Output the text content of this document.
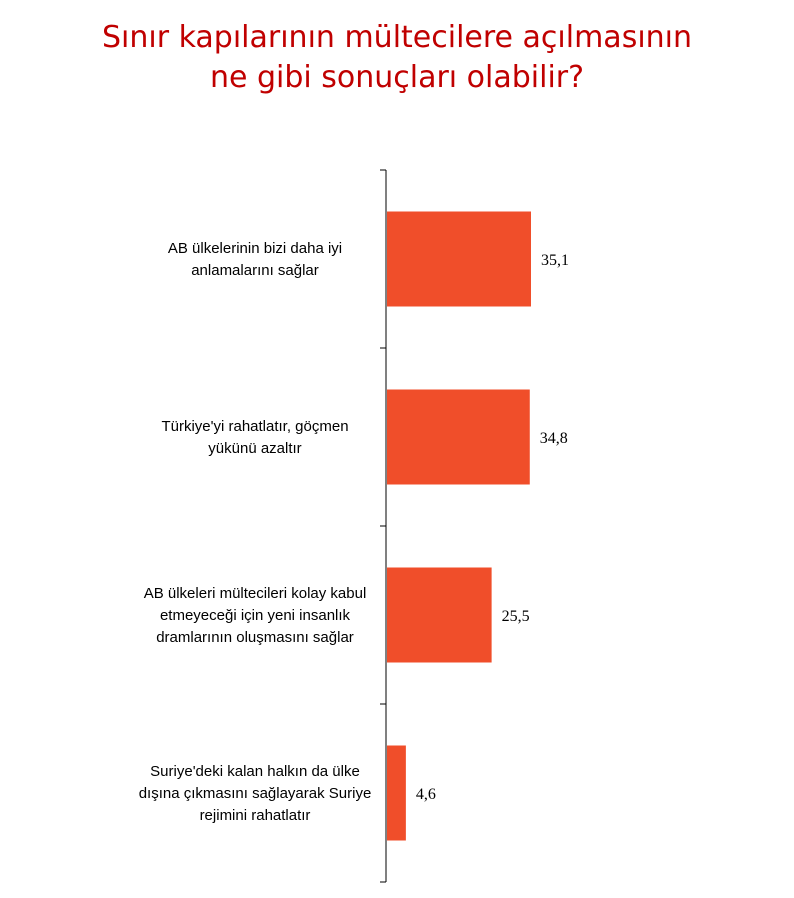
Sınır kapılarının mültecilere açılmasının
ne gibi sonuçları olabilir?
35,1
AB ülkelerinin bizi daha iyi anlamalarını sağlar
34,8
Türkiye'yi rahatlatır, göçmen yükünü azaltır
25,5
AB ülkeleri mültecileri kolay kabul etmeyeceği için yeni insanlık dramlarının oluşmasını sağlar
4,6
Suriye'deki kalan halkın da ülke dışına çıkmasını sağlayarak Suriye rejimini rahatlatır
